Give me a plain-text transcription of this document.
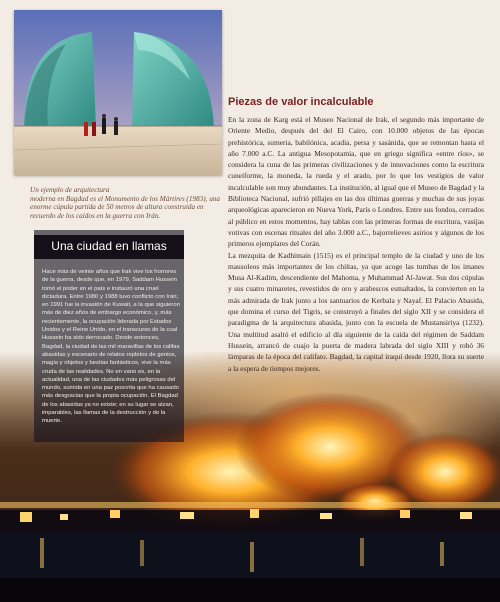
Un ejemplo de arquitectura
moderna en Bagdad es el Monumento de los Mártires (1983), una enorme cúpula partida de 50 metros de altura construida en recuerdo de los caídos en la guerra con Irán.
Una ciudad en llamas
Hace más de veinte años que Irak vive los horrores de la guerra, desde que, en 1979, Saddam Hussein tomó el poder en el país e instauró una cruel dictadura. Entre 1980 y 1988 tuvo conflicto con Irán; en 1991 fue la invasión de Kuwait, a la que siguieron más de diez años de embargo económico, y, más recientemente, la ocupación liderada por Estados Unidos y el Reino Unido, en el transcurso de la cual Hussein ha sido derrocado. Desde entonces, Bagdad, la ciudad de las mil maravillas de los califas abasidas y escenario de relatos repletos de genios, magia y objetos y bestias fantásticos, vive la más cruda de las realidades. No en vano es, en la actualidad, una de las ciudades más peligrosas del mundo, sumida en una paz poscrita que ha causado más desgracias que la propia ocupación. El Bagdad de los abasidas ya no existe; en su lugar se alzan, imparables, las llamas de la destrucción y de la muerte.
Piezas de valor incalculable

En la zona de Karg está el Museo Nacional de Irak, el segundo más importante de Oriente Medio, después del del El Cairo, con 10.000 objetos de las épocas prehistórica, sumeria, babilónica, acadia, persa y sasánida, que se remontan hasta el año 7.000 a.C. La antigua Mesopotamia, que en griego significa «entre ríos», se considera la cuna de las primeras civilizaciones y de innovaciones como la escritura cuneiforme, la moneda, la rueda y el arado, por lo que los vestigios de valor incalculable son muy abundantes. La institución, al igual que el Museo de Bagdad y la Biblioteca Nacional, sufrió pillajes en las dos últimas guerras y muchas de sus joyas arqueológicas aparecieron en Nueva York, París o Londres. Entre sus fondos, cerrados al público en estos momentos, hay tablas con las primeras formas de escritura, vasijas votivas con escenas rituales del año 3.000 a.C., bajorrelieves asirios y algunos de los primeros ejemplares del Corán.

La mezquita de Kadhimain (1515) es el principal templo de la ciudad y uno de los mausoleos más importantes de los chiítas, ya que acoge las tumbas de los imanes Musa Al-Kadim, descendiente del Mahoma, y Muhammad Al-Jawat. Sus dos cúpulas y sus cuatro minaretes, revestidos de oro y arabescos esmaltados, la convierten en la más admirada de Irak junto a los santuarios de Kerbala y Nayaf. El Palacio Abasida, que domina el curso del Tigris, se construyó a finales del siglo XII y se considera el paradigma de la arquitectura abasida, junto con la escuela de Mustansiriya (1232). Una multitud asaltó el edificio al día siguiente de la caída del régimen de Saddam Hussein, arrancó de cuajo la puerta de madera labrada del siglo XIII y robó 36 lámparas de la época del califato. Bagdad, la capital iraquí desde 1920, llora su suerte a la espera de tiempos mejores.
